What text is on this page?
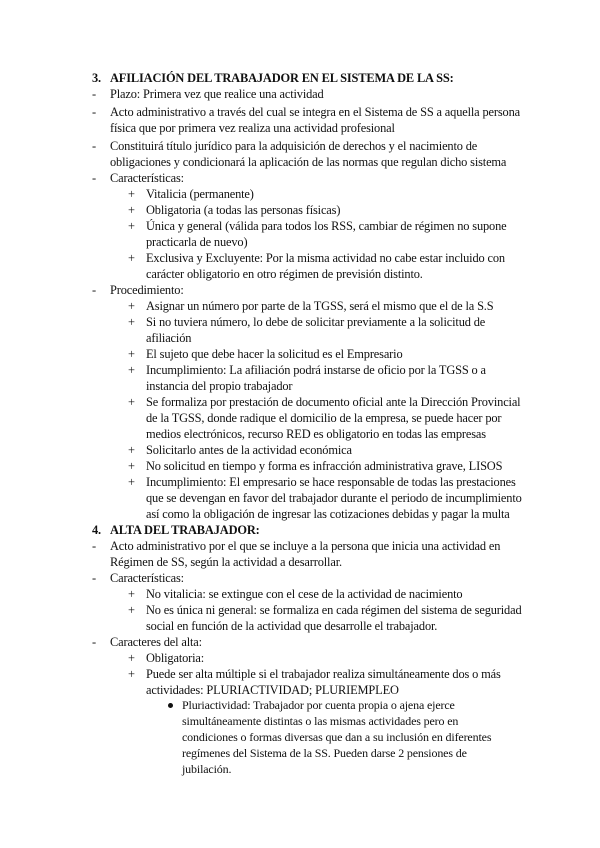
3. AFILIACIÓN DEL TRABAJADOR EN EL SISTEMA DE LA SS:
- Plazo: Primera vez que realice una actividad
- Acto administrativo a través del cual se integra en el Sistema de SS a aquella persona
física que por primera vez realiza una actividad profesional
- Constituirá título jurídico para la adquisición de derechos y el nacimiento de
obligaciones y condicionará la aplicación de las normas que regulan dicho sistema
- Características:
+ Vitalicia (permanente)
+ Obligatoria (a todas las personas físicas)
+ Única y general (válida para todos los RSS, cambiar de régimen no supone
practicarla de nuevo)
+ Exclusiva y Excluyente: Por la misma actividad no cabe estar incluido con
carácter obligatorio en otro régimen de previsión distinto.
- Procedimiento:
+ Asignar un número por parte de la TGSS, será el mismo que el de la S.S
+ Si no tuviera número, lo debe de solicitar previamente a la solicitud de
afiliación
+ El sujeto que debe hacer la solicitud es el Empresario
+ Incumplimiento: La afiliación podrá instarse de oficio por la TGSS o a
instancia del propio trabajador
+ Se formaliza por prestación de documento oficial ante la Dirección Provincial
de la TGSS, donde radique el domicilio de la empresa, se puede hacer por
medios electrónicos, recurso RED es obligatorio en todas las empresas
+ Solicitarlo antes de la actividad económica
+ No solicitud en tiempo y forma es infracción administrativa grave, LISOS
+ Incumplimiento: El empresario se hace responsable de todas las prestaciones
que se devengan en favor del trabajador durante el periodo de incumplimiento
así como la obligación de ingresar las cotizaciones debidas y pagar la multa
4. ALTA DEL TRABAJADOR:
- Acto administrativo por el que se incluye a la persona que inicia una actividad en
Régimen de SS, según la actividad a desarrollar.
- Características:
+ No vitalicia: se extingue con el cese de la actividad de nacimiento
+ No es única ni general: se formaliza en cada régimen del sistema de seguridad
social en función de la actividad que desarrolle el trabajador.
- Caracteres del alta:
+ Obligatoria:
+ Puede ser alta múltiple si el trabajador realiza simultáneamente dos o más
actividades: PLURIACTIVIDAD; PLURIEMPLEO
Pluriactividad: Trabajador por cuenta propia o ajena ejerce
simultáneamente distintas o las mismas actividades pero en
condiciones o formas diversas que dan a su inclusión en diferentes
regímenes del Sistema de la SS. Pueden darse 2 pensiones de
jubilación.
